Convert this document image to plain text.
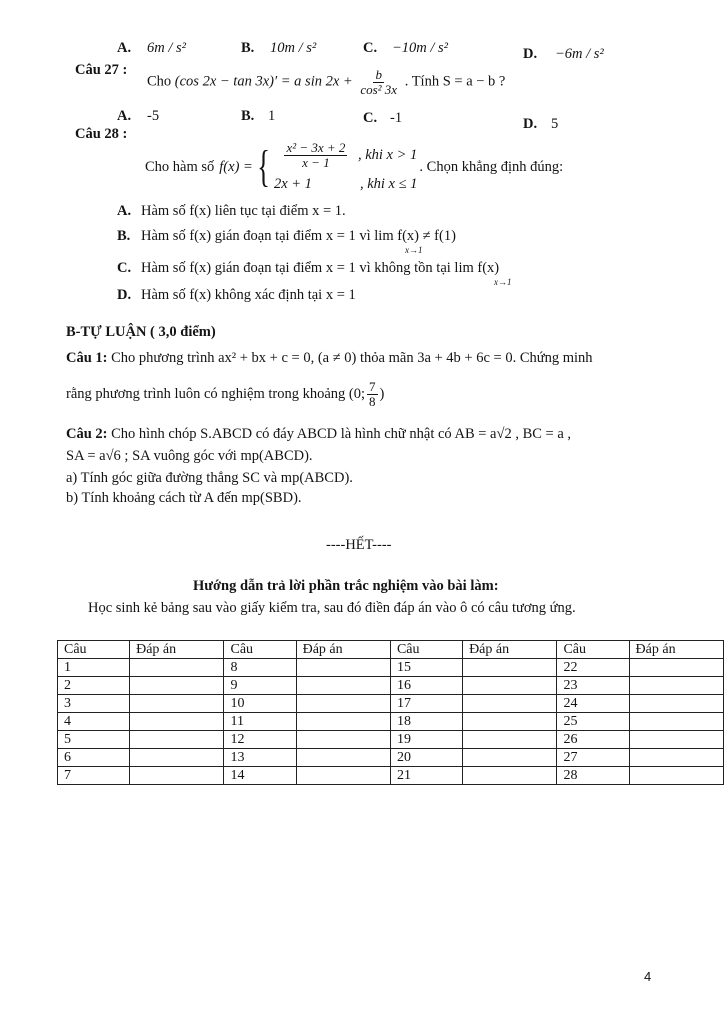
A. 6m / s²	B. 10m / s²	C. −10m / s²	D. −6m / s²
Câu 27 :
Cho (cos 2x − tan 3x)′ = a $\sin 2x + \frac{b}{\text{cos² 3x}}$ . Tính S = a − b ?
A. -5	B. 1	C. -1	D. 5
Câu 28 :
Cho hàm số f(x) = { $\frac{\text{x² − 3x + 2}}{x - 1}$ , khi x > 1
2x + 1	, khi x ≤ 1
. Chọn khẳng định đúng:
A. Hàm số f(x) liên tục tại điểm x = 1.
B. Hàm số f(x) gián đoạn tại điểm x = 1 vì lim f(x) ≠ f(1)
x→1
C. Hàm số f(x) gián đoạn tại điểm x = 1 vì không tồn tại lim f(x)
x→1
D. Hàm số f(x) không xác định tại x = 1
B-TỰ LUẬN ( 3,0 điểm)
Câu 1: Cho phương trình ax² + bx + c = 0, (a ≠ 0) thỏa mãn 3a + 4b + 6c = 0. Chứng minh
rằng phương trình luôn có nghiệm trong khoảng (0; $\frac{7}{8}$ )
Câu 2: Cho hình chóp S.ABCD có đáy ABCD là hình chữ nhật có AB = a√2 , BC = a ,
SA = a√6 ; SA vuông góc với mp(ABCD).
a) Tính góc giữa đường thẳng SC và mp(ABCD).
b) Tính khoảng cách từ A đến mp(SBD).
----HẾT----
Hướng dẫn trả lời phần trắc nghiệm vào bài làm:
Học sinh kẻ bảng sau vào giấy kiểm tra, sau đó điền đáp án vào ô có câu tương ứng.
Câu	Đáp án	Câu	Đáp án	Câu	Đáp án	Câu	Đáp án
1		8		15		22	
2		9		16		23	
3		10		17		24	
4		11		18		25	
5		12		19		26	
6		13		20		27	
7		14		21		28	
4
